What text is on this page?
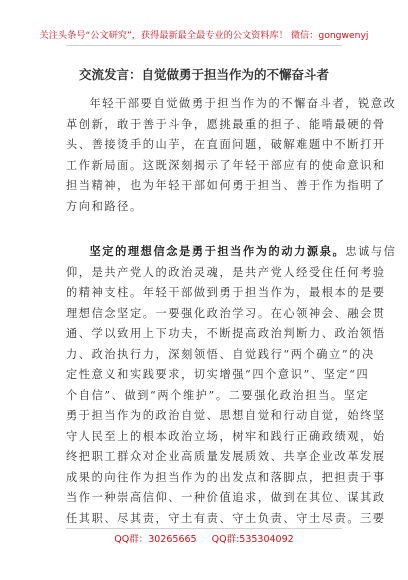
关注头条号“公文研究”，获得最新最全最专业的公文资料库！ 微信：gongwenyj
交流发言：自觉做勇于担当作为的不懈奋斗者
年轻干部要自觉做勇于担当作为的不懈奋斗者，锐意改
革创新，敢于善于斗争，愿挑最重的担子、能啃最硬的骨
头、善接烫手的山芋，在直面问题，破解难题中不断打开
工作新局面。这既深刻揭示了年轻干部应有的使命意识和
担当精神，也为年轻干部如何勇于担当、善于作为指明了
方向和路径。
坚定的理想信念是勇于担当作为的动力源泉。忠诚与信
仰，是共产党人的政治灵魂，是共产党人经受住任何考验
的精神支柱。年轻干部做到勇于担当作为，最根本的是要
理想信念坚定。一要强化政治学习。在心领神会、融会贯
通、学以致用上下功夫，不断提高政治判断力、政治领悟
力、政治执行力，深刻领悟、自觉践行“两个确立”的决
定性意义和实践要求，切实增强“四个意识”、坚定“四
个自信”、做到“两个维护”。二要强化政治担当。坚定
勇于担当作为的政治自觉、思想自觉和行动自觉，始终坚
守人民至上的根本政治立场，树牢和践行正确政绩观，始
终把职工群众对企业高质量发展质效、共享企业改革发展
成果的向往作为担当作为的出发点和落脚点，把担责于事
当作一种崇高信仰、一种价值追求，做到在其位、谋其政
任其职、尽其责，守土有责、守土负责、守土尽责。三要
QQ群：30265665 QQ群:535304092
